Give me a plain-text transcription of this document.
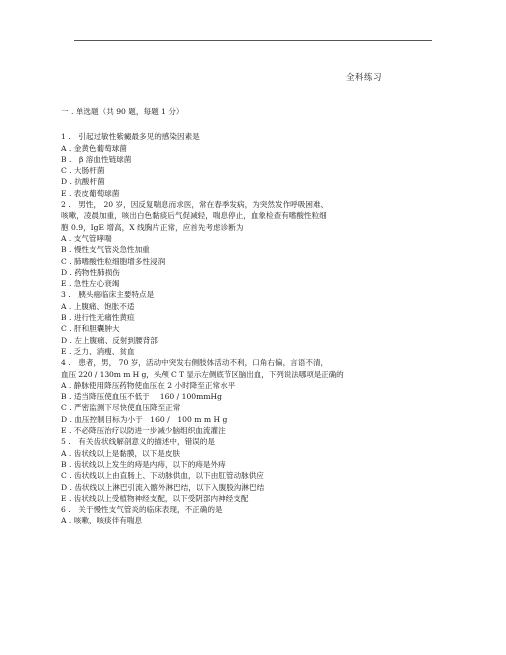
全科练习

一 . 单选题（共 90 题，每题 1 分）

1 .　引起过敏性紫癜最多见的感染因素是

A . 金黄色葡萄球菌

B .　β 溶血性链球菌

C . 大肠杆菌

D . 抗酸杆菌

E . 表皮葡萄球菌

2 .　男性， 20 岁，因反复喘息而求医，常在春季发病，为突然发作呼吸困难、

咳嗽，凌晨加重，咳出白色黏痰后气促减轻，喘息停止，血象检查有嗜酸性粒细

胞 0.9，IgE 增高，X 线胸片正常，应首先考虑诊断为

A . 支气管哮喘

B . 慢性支气管炎急性加重

C . 肺嗜酸性粒细胞增多性浸润

D . 药物性肺损伤

E . 急性左心衰竭

3 .　胰头癌临床主要特点是

A . 上腹痛、饱胀不适

B . 进行性无痛性黄疸

C . 肝和胆囊肿大

D . 左上腹痛、反射到腰背部

E . 乏力、消瘦、贫血

4 .　患者，男， 70 岁，活动中突发右侧肢体活动不利，口角右偏，言语不清，

血压 220 / 130m m H g，头颅 C T 显示左侧底节区脑出血，下列说法哪项是正确的

A . 静脉使用降压药物使血压在 2 小时降至正常水平

B . 适当降压使血压不低于　 160 / 100mmHg

C . 严密监测下尽快使血压降至正常

D . 血压控制目标为小于　160 /　100 m m H g

E . 不必降压治疗以防进一步减少脑组织血流灌注

5 .　有关齿状线解剖意义的描述中，错误的是

A . 齿状线以上是黏膜，以下是皮肤

B . 齿状线以上发生的痔是内痔，以下的痔是外痔

C . 齿状线以上由直肠上、下动脉供血，以下由肛管动脉供应

D . 齿状线以上淋巴引流入髂外淋巴结，以下入腹股沟淋巴结

E . 齿状线以上受植物神经支配，以下受阴部内神经支配

6 .　关于慢性支气管炎的临床表现，不正确的是

A . 咳嗽、咳痰伴有喘息
